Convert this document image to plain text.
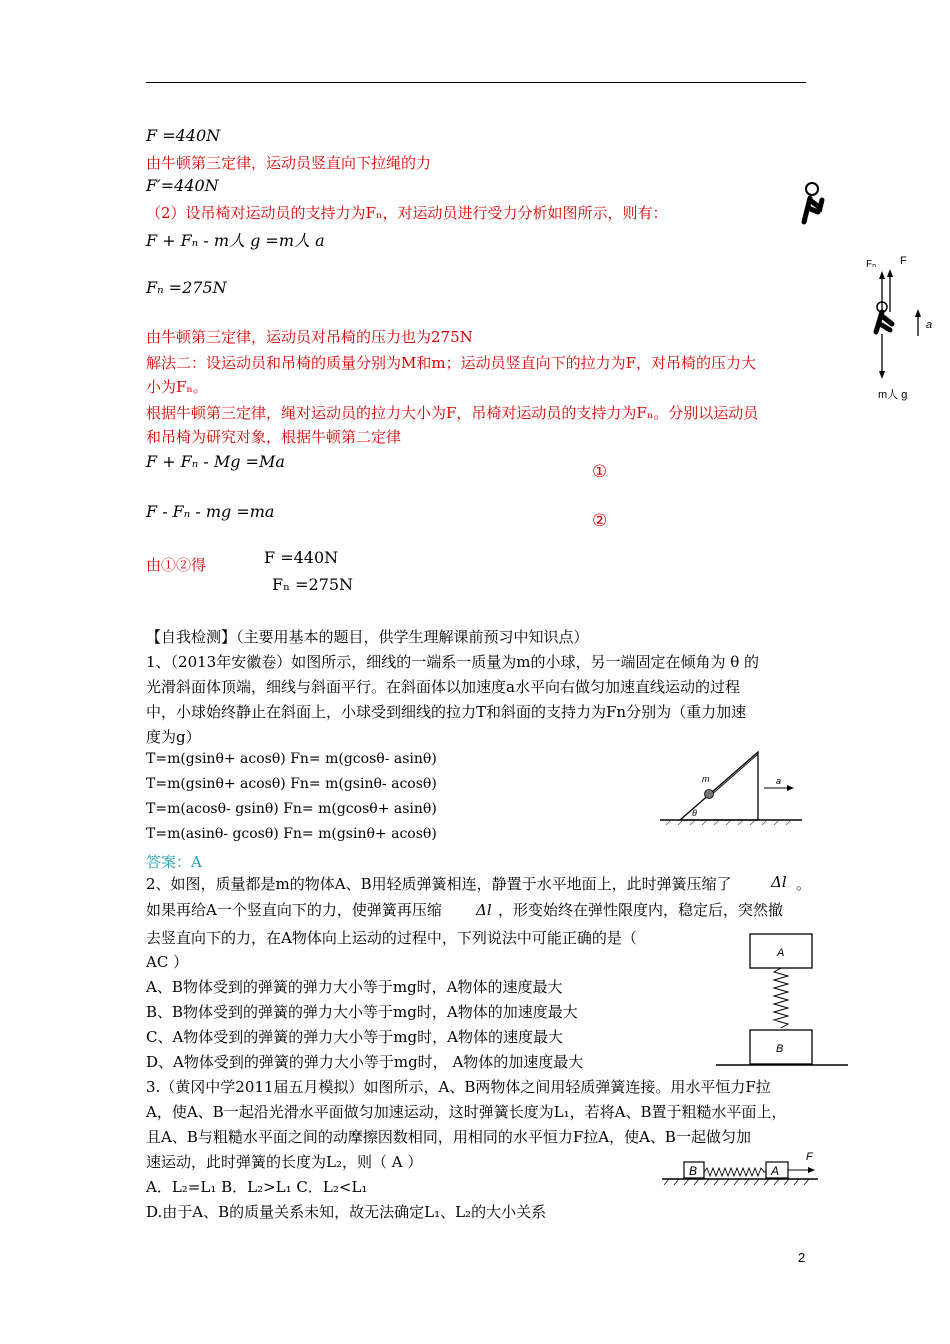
F =440N
由牛顿第三定律，运动员竖直向下拉绳的力
F′=440N
（2）设吊椅对运动员的支持力为Fₙ，对运动员进行受力分析如图所示，则有：
F + Fₙ - m人 g =m人 a
Fₙ =275N
由牛顿第三定律，运动员对吊椅的压力也为275N
解法二：设运动员和吊椅的质量分别为M和m；运动员竖直向下的拉力为F，对吊椅的压力大
小为Fₙ。
根据牛顿第三定律，绳对运动员的拉力大小为F，吊椅对运动员的支持力为Fₙ。分别以运动员
和吊椅为研究对象，根据牛顿第二定律
F + Fₙ - Mg =Ma
①
F - Fₙ - mg =ma	②
由①②得	F =440N
Fₙ =275N
Fₙ F
a
m人 g
【自我检测】（主要用基本的题目，供学生理解课前预习中知识点）
1、（2013年安徽卷）如图所示，细线的一端系一质量为m的小球，另一端固定在倾角为 θ 的
光滑斜面体顶端，细线与斜面平行。在斜面体以加速度a水平向右做匀加速直线运动的过程
中，小球始终静止在斜面上，小球受到细线的拉力T和斜面的支持力为Fn分别为（重力加速
度为g）
T=m(gsinθ+ acosθ) Fn= m(gcosθ- asinθ)
T=m(gsinθ+ acosθ) Fn= m(gsinθ- acosθ)
T=m(acosθ- gsinθ) Fn= m(gcosθ+ asinθ)
T=m(asinθ- gcosθ) Fn= m(gsinθ+ acosθ)
答案：A
m	a
θ
2、如图，质量都是m的物体A、B用轻质弹簧相连，静置于水平地面上，此时弹簧压缩了	Δl 。
如果再给A一个竖直向下的力，使弹簧再压缩 Δl ，形变始终在弹性限度内，稳定后，突然撤
去竖直向下的力，在A物体向上运动的过程中，下列说法中可能正确的是（
AC ）
A、B物体受到的弹簧的弹力大小等于mg时，A物体的速度最大
B、B物体受到的弹簧的弹力大小等于mg时，A物体的加速度最大
C、A物体受到的弹簧的弹力大小等于mg时，A物体的速度最大
D、A物体受到的弹簧的弹力大小等于mg时， A物体的加速度最大
A
B
3.（黄冈中学2011届五月模拟）如图所示，A、B两物体之间用轻质弹簧连接。用水平恒力F拉
A，使A、B一起沿光滑水平面做匀加速运动，这时弹簧长度为L₁，若将A、B置于粗糙水平面上，
且A、B与粗糙水平面之间的动摩擦因数相同，用相同的水平恒力F拉A，使A、B一起做匀加
速运动，此时弹簧的长度为L₂，则（ A ）
A．L₂=L₁ B．L₂>L₁ C．L₂<L₁
D.由于A、B的质量关系未知，故无法确定L₁、L₂的大小关系
B	A
F
2
